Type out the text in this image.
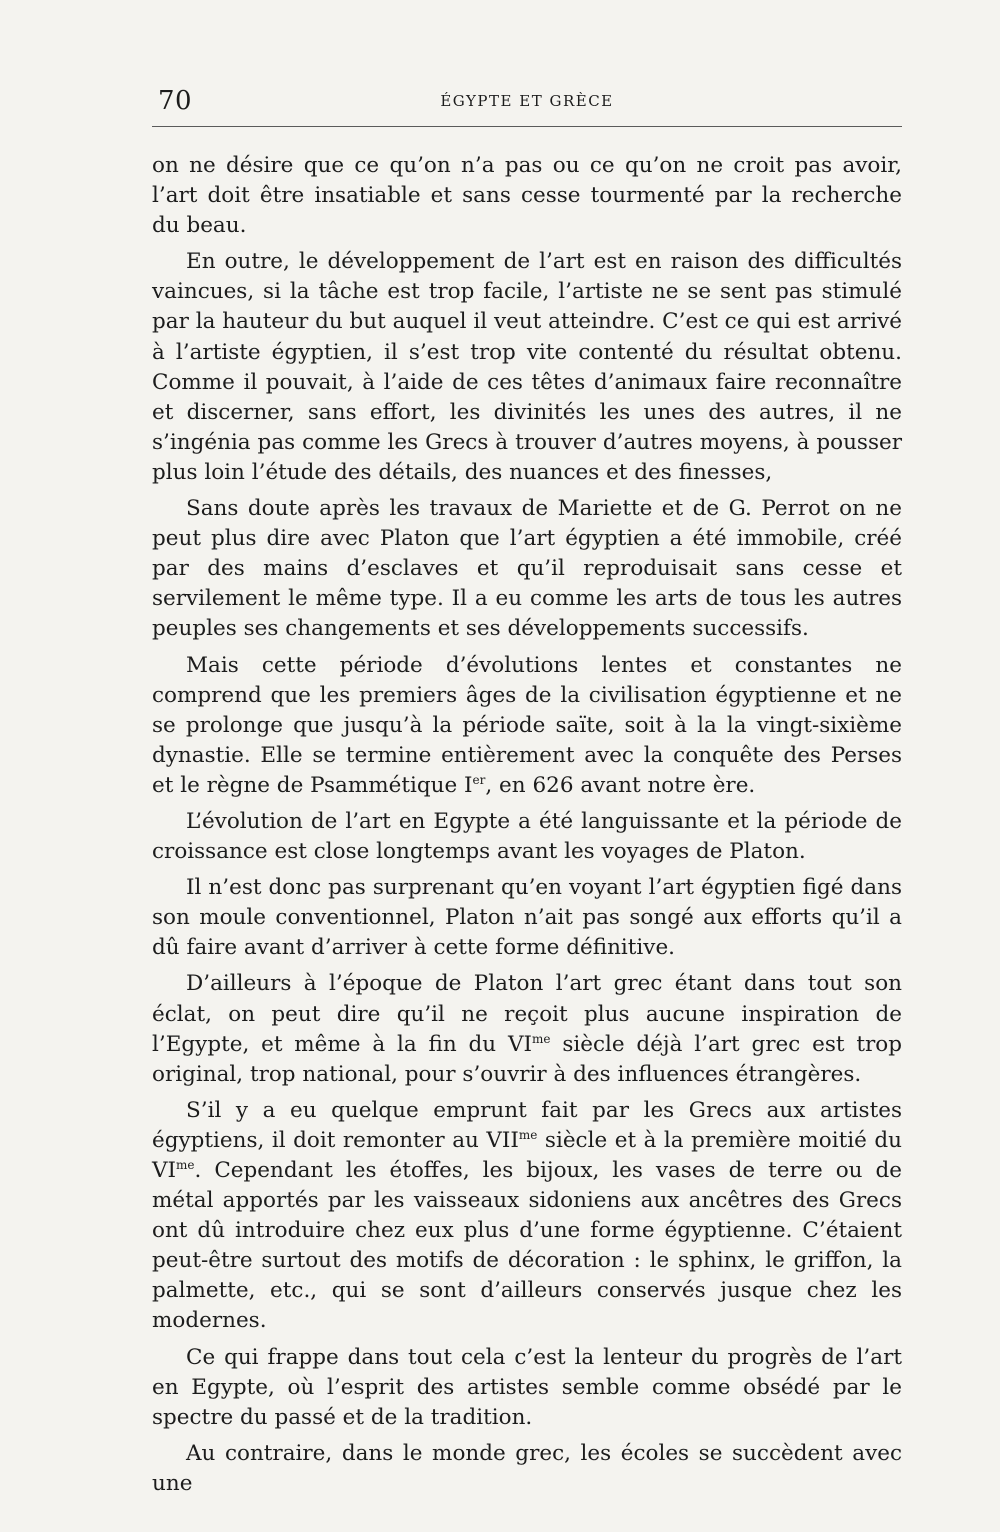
70	ÉGYPTE ET GRÈCE

on ne désire que ce qu’on n’a pas ou ce qu’on ne croit pas avoir, l’art doit être insatiable et sans cesse tourmenté par la recherche du beau.

En outre, le développement de l’art est en raison des difficultés vaincues, si la tâche est trop facile, l’artiste ne se sent pas stimulé par la hauteur du but auquel il veut atteindre. C’est ce qui est arrivé à l’artiste égyptien, il s’est trop vite contenté du résultat obtenu. Comme il pouvait, à l’aide de ces têtes d’animaux faire reconnaître et discerner, sans effort, les divinités les unes des autres, il ne s’ingénia pas comme les Grecs à trouver d’autres moyens, à pousser plus loin l’étude des détails, des nuances et des finesses,

Sans doute après les travaux de Mariette et de G. Perrot on ne peut plus dire avec Platon que l’art égyptien a été immobile, créé par des mains d’esclaves et qu’il reproduisait sans cesse et servilement le même type. Il a eu comme les arts de tous les autres peuples ses changements et ses développements successifs.

Mais cette période d’évolutions lentes et constantes ne comprend que les premiers âges de la civilisation égyptienne et ne se prolonge que jusqu’à la période saïte, soit à la la vingt-sixième dynastie. Elle se termine entièrement avec la conquête des Perses et le règne de Psammétique Ier, en 626 avant notre ère.

L’évolution de l’art en Egypte a été languissante et la période de croissance est close longtemps avant les voyages de Platon.

Il n’est donc pas surprenant qu’en voyant l’art égyptien figé dans son moule conventionnel, Platon n’ait pas songé aux efforts qu’il a dû faire avant d’arriver à cette forme définitive.

D’ailleurs à l’époque de Platon l’art grec étant dans tout son éclat, on peut dire qu’il ne reçoit plus aucune inspiration de l’Egypte, et même à la fin du $VI^{me}$ siècle déjà l’art grec est trop original, trop national, pour s’ouvrir à des influences étrangères.

S’il y a eu quelque emprunt fait par les Grecs aux artistes égyptiens, il doit remonter au $VII^{me}$ siècle et à la première moitié du $VI^{me}$. Cependant les étoffes, les bijoux, les vases de terre ou de métal apportés par les vaisseaux sidoniens aux ancêtres des Grecs ont dû introduire chez eux plus d’une forme égyptienne. C’étaient peut-être surtout des motifs de décoration : le sphinx, le griffon, la palmette, etc., qui se sont d’ailleurs conservés jusque chez les modernes.

Ce qui frappe dans tout cela c’est la lenteur du progrès de l’art en Egypte, où l’esprit des artistes semble comme obsédé par le spectre du passé et de la tradition.

Au contraire, dans le monde grec, les écoles se succèdent avec une
